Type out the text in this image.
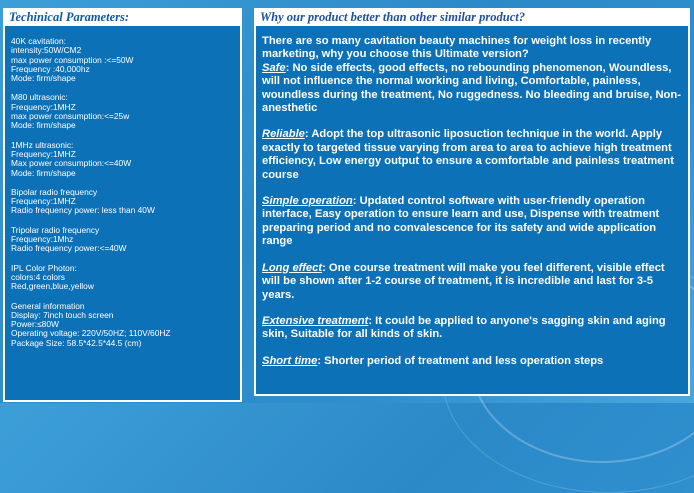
Techinical Parameters:
40K cavitation:
intensity:50W/CM2
max power consumption :<=50W
Frequency :40,000hz
Mode: firm/shape
M80 ultrasonic:
Frequency:1MHZ
max power consumption:<=25w
Mode: firm/shape
1MHz ultrasonic:
Frequency:1MHZ
Max power consumption:<=40W
Mode: firm/shape
Bipolar radio frequency
Frequency:1MHZ
Radio frequency power: less than 40W
Tripolar radio frequency
Frequency:1Mhz
Radio frequency power:<=40W
IPL Color Photon:
colors:4 colors
Red,green,blue,yellow
General information
Display: 7inch touch screen
Power:≤80W
Operating voltage: 220V/50HZ; 110V/60HZ
Package Size: 58.5*42.5*44.5 (cm)
Why our product better than other similar product?

There are so many cavitation beauty machines for weight loss in recently marketing, why you choose this Ultimate version?

Safe: No side effects, good effects, no rebounding phenomenon, Woundless, will not influence the normal working and living, Comfortable, painless, woundless during the treatment, No ruggedness. No bleeding and bruise, Non-anesthetic

Reliable: Adopt the top ultrasonic liposuction technique in the world. Apply exactly to targeted tissue varying from area to area to achieve high treatment efficiency, Low energy output to ensure a comfortable and painless treatment course

Simple operation: Updated control software with user-friendly operation interface, Easy operation to ensure learn and use, Dispense with treatment preparing period and no convalescence for its safety and wide application range

Long effect: One course treatment will make you feel different, visible effect will be shown after 1-2 course of treatment, it is incredible and last for 3-5 years.

Extensive treatment: It could be applied to anyone's sagging skin and aging skin, Suitable for all kinds of skin.

Short time: Shorter period of treatment and less operation steps
